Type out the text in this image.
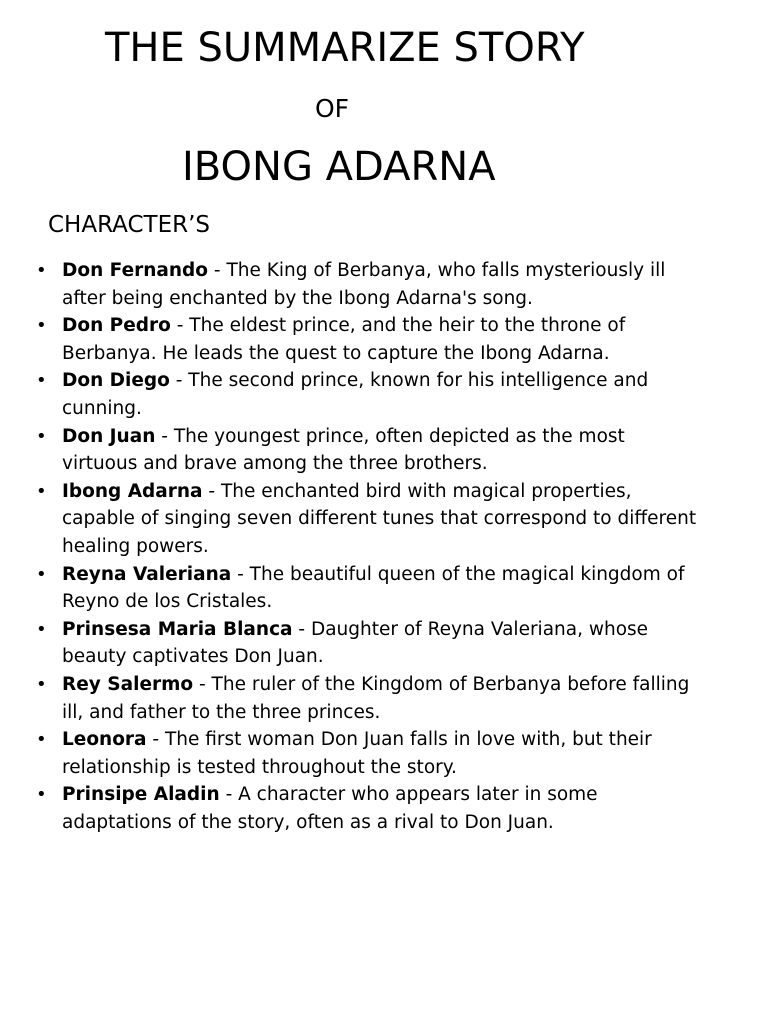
THE SUMMARIZE STORY
OF
IBONG ADARNA
CHARACTER’S
• Don Fernando - The King of Berbanya, who falls mysteriously ill after being enchanted by the Ibong Adarna's song.
• Don Pedro - The eldest prince, and the heir to the throne of Berbanya. He leads the quest to capture the Ibong Adarna.
• Don Diego - The second prince, known for his intelligence and cunning.
• Don Juan - The youngest prince, often depicted as the most virtuous and brave among the three brothers.
• Ibong Adarna - The enchanted bird with magical properties, capable of singing seven different tunes that correspond to different healing powers.
• Reyna Valeriana - The beautiful queen of the magical kingdom of Reyno de los Cristales.
• Prinsesa Maria Blanca - Daughter of Reyna Valeriana, whose beauty captivates Don Juan.
• Rey Salermo - The ruler of the Kingdom of Berbanya before falling ill, and father to the three princes.
• Leonora - The first woman Don Juan falls in love with, but their relationship is tested throughout the story.
• Prinsipe Aladin - A character who appears later in some adaptations of the story, often as a rival to Don Juan.
